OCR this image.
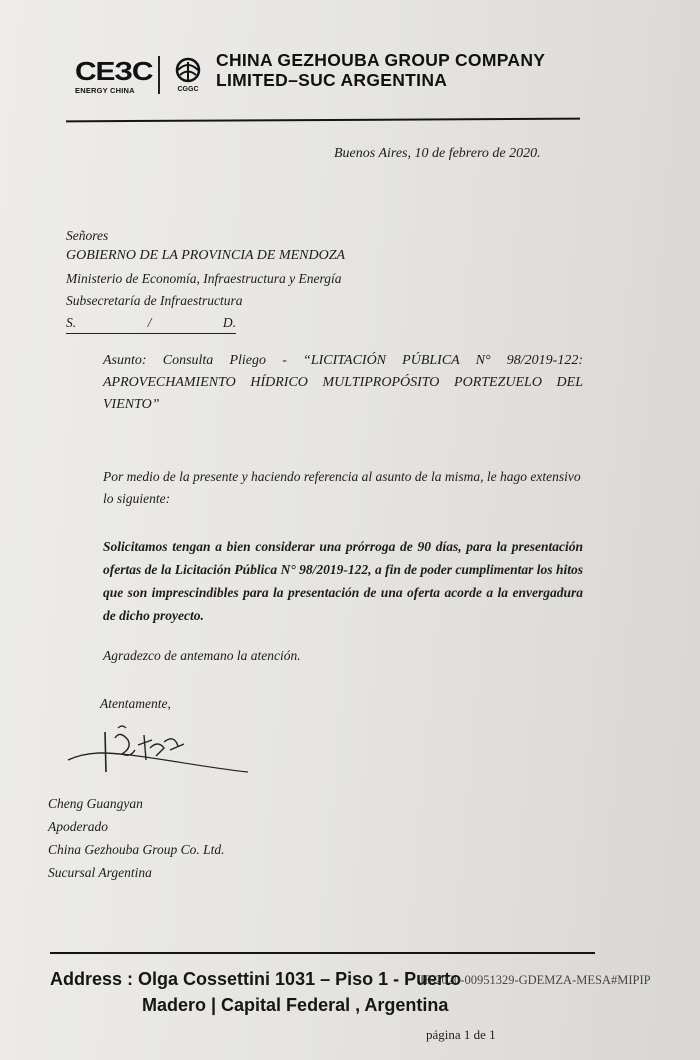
CEЗC
ENERGY CHINA	CGGC
CHINA GEZHOUBA GROUP COMPANY
LIMITED–SUC ARGENTINA
Buenos Aires, 10 de febrero de 2020.
Señores
GOBIERNO DE LA PROVINCIA DE MENDOZA
Ministerio de Economía, Infraestructura y Energía
Subsecretaría de Infraestructura
S.	/	D.
Asunto: Consulta Pliego - “LICITACIÓN PÚBLICA N° 98/2019-122: APROVECHAMIENTO HÍDRICO MULTIPROPÓSITO PORTEZUELO DEL VIENTO”
Por medio de la presente y haciendo referencia al asunto de la misma, le hago extensivo lo siguiente:
Solicitamos tengan a bien considerar una prórroga de 90 días, para la presentación ofertas de la Licitación Pública N° 98/2019-122, a fin de poder cumplimentar los hitos que son imprescindibles para la presentación de una oferta acorde a la envergadura de dicho proyecto.
Agradezco de antemano la atención.
Atentamente,
Cheng Guangyan
Apoderado
China Gezhouba Group Co. Ltd.
Sucursal Argentina
Address : Olga Cossettini 1031 – Piso 1 - Puerto
Madero | Capital Federal , Argentina
IF-2020-00951329-GDEMZA-MESA#MIPIP
página 1 de 1
